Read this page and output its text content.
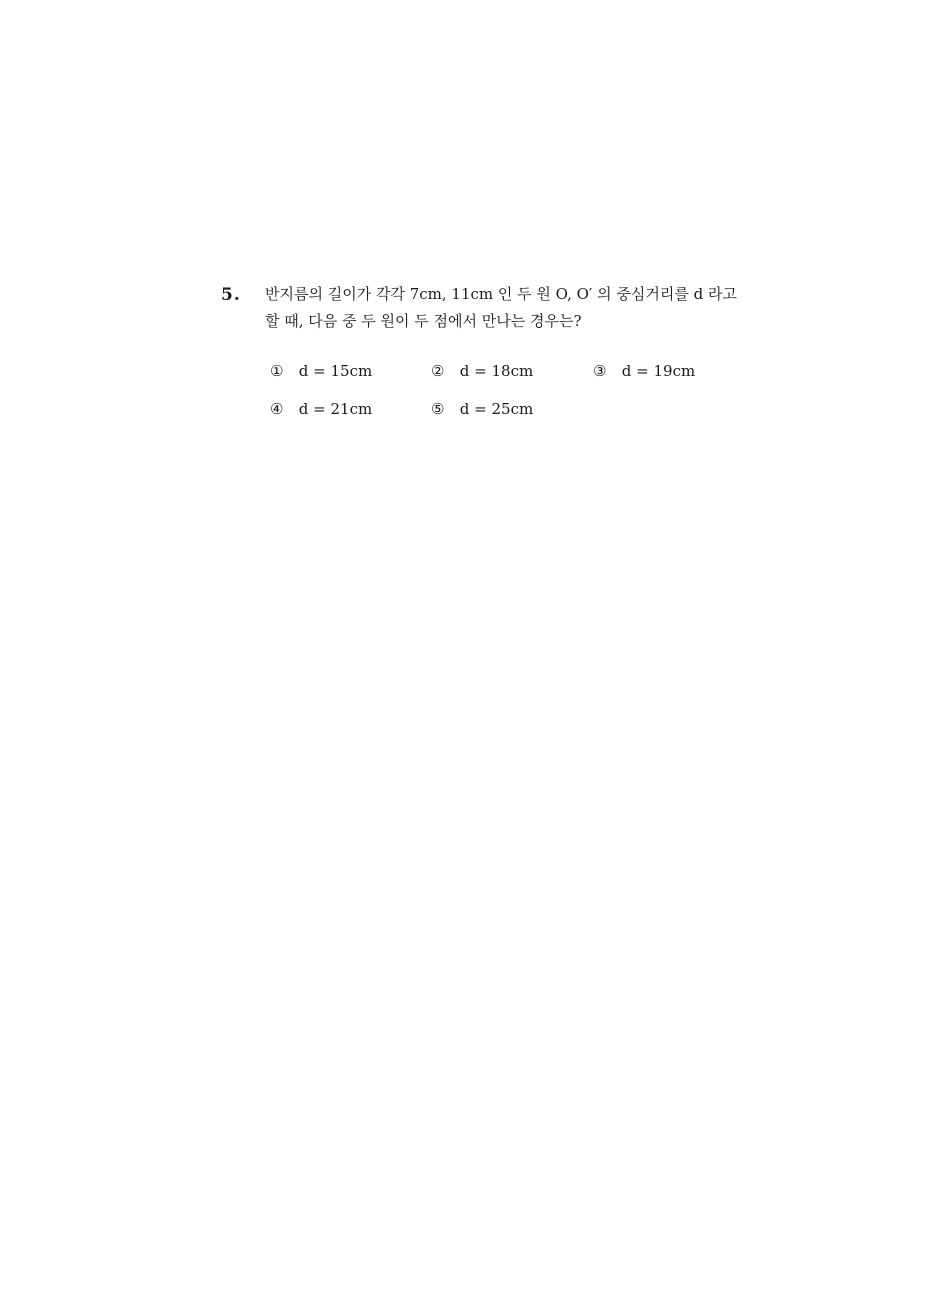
5. 반지름의 길이가 각각 7cm, 11cm 인 두 원 O, O′ 의 중심거리를 d 라고
할 때, 다음 중 두 원이 두 점에서 만나는 경우는?
① d = 15cm	② d = 18cm	③ d = 19cm
④ d = 21cm	⑤ d = 25cm
